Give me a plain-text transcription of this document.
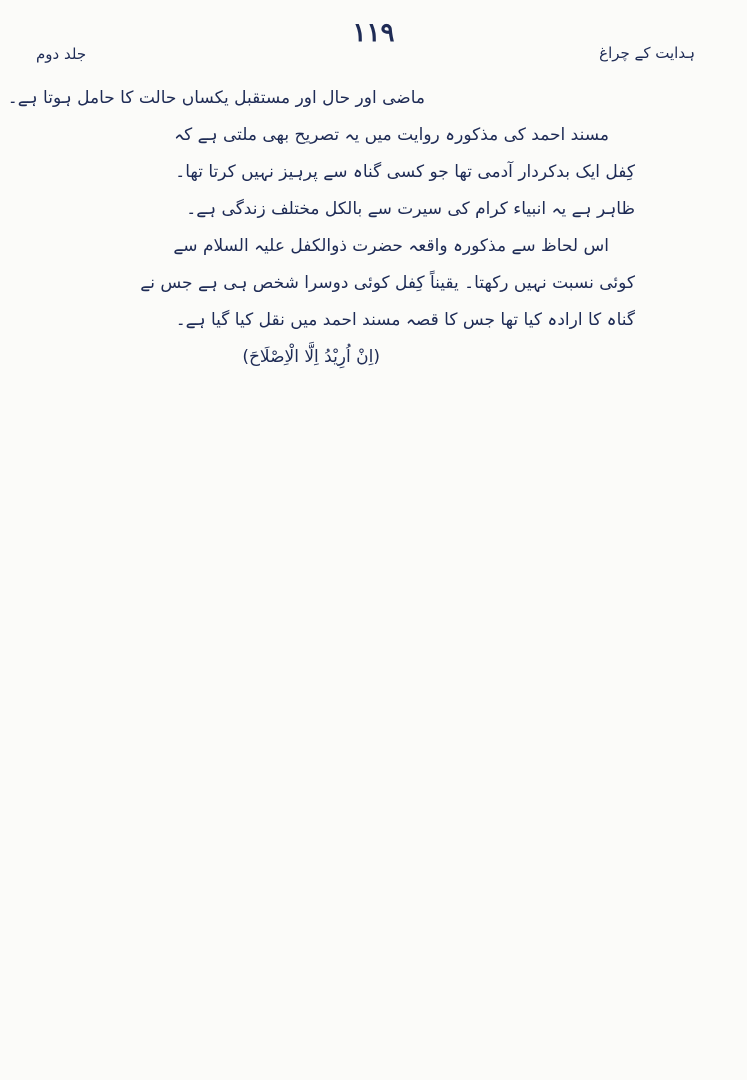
۱۱۹
ہدایت کے چراغ
جلد دوم
ماضی اور حال اور مستقبل یکساں حالت کا حامل ہوتا ہے۔
مسند احمد کی مذکورہ روایت میں یہ تصریح بھی ملتی ہے کہ
کِفل ایک بدکردار آدمی تھا جو کسی گناہ سے پرہیز نہیں کرتا تھا۔
ظاہر ہے یہ انبیاء کرام کی سیرت سے بالکل مختلف زندگی ہے۔
اس لحاظ سے مذکورہ واقعہ حضرت ذوالکفل علیہ السلام سے
کوئی نسبت نہیں رکھتا۔ یقیناً کِفل کوئی دوسرا شخص ہی ہے جس نے
گناہ کا ارادہ کیا تھا جس کا قصہ مسند احمد میں نقل کیا گیا ہے۔
(اِنْ اُرِیْدُ اِلَّا الْاِصْلَاحَ)
